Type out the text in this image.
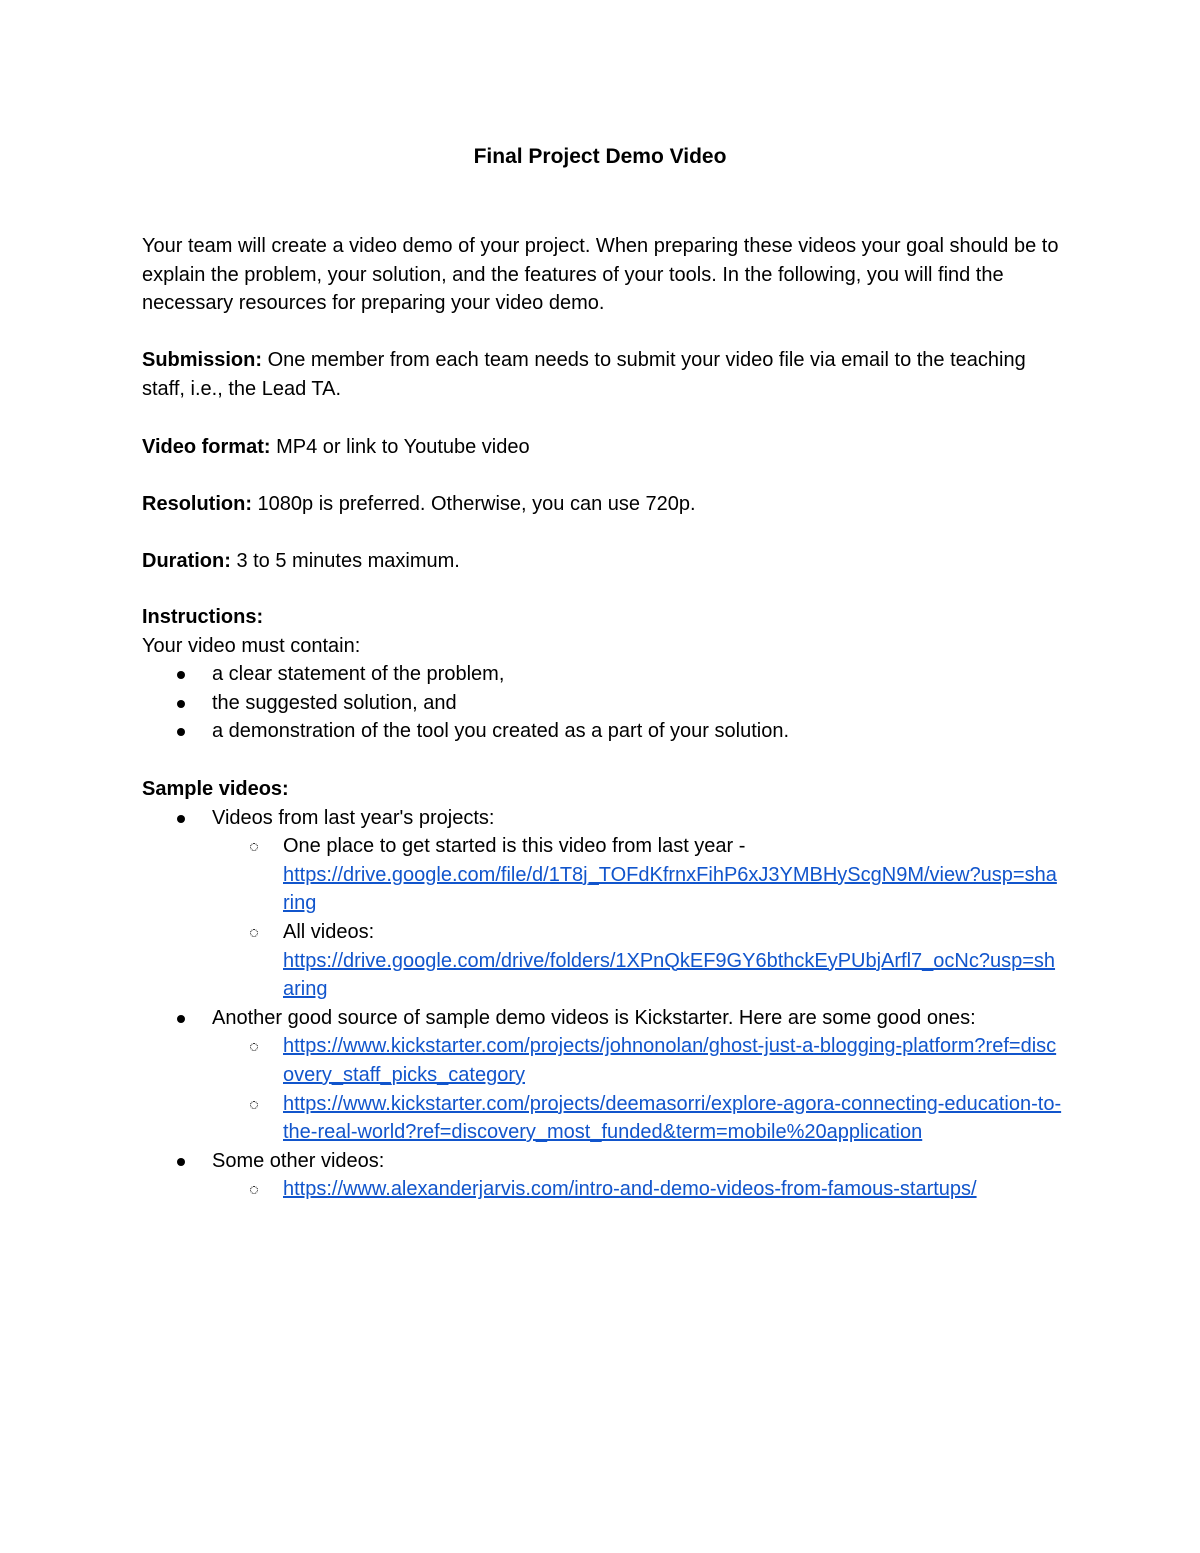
Final Project Demo Video
Your team will create a video demo of your project. When preparing these videos your goal should be to explain the problem, your solution, and the features of your tools. In the following, you will find the necessary resources for preparing your video demo.
Submission: One member from each team needs to submit your video file via email to the teaching staff, i.e., the Lead TA.
Video format: MP4 or link to Youtube video
Resolution: 1080p is preferred. Otherwise, you can use 720p.
Duration: 3 to 5 minutes maximum.
Instructions:
Your video must contain:
a clear statement of the problem,
the suggested solution, and
a demonstration of the tool you created as a part of your solution.
Sample videos:
Videos from last year's projects:
One place to get started is this video from last year -
https://drive.google.com/file/d/1T8j_TOFdKfrnxFihP6xJ3YMBHyScgN9M/view?usp=sharing
All videos:
https://drive.google.com/drive/folders/1XPnQkEF9GY6bthckEyPUbjArfl7_ocNc?usp=sharing
Another good source of sample demo videos is Kickstarter. Here are some good ones:
https://www.kickstarter.com/projects/johnonolan/ghost-just-a-blogging-platform?ref=discovery_staff_picks_category
https://www.kickstarter.com/projects/deemasorri/explore-agora-connecting-education-to-the-real-world?ref=discovery_most_funded&term=mobile%20application
Some other videos:
https://www.alexanderjarvis.com/intro-and-demo-videos-from-famous-startups/
